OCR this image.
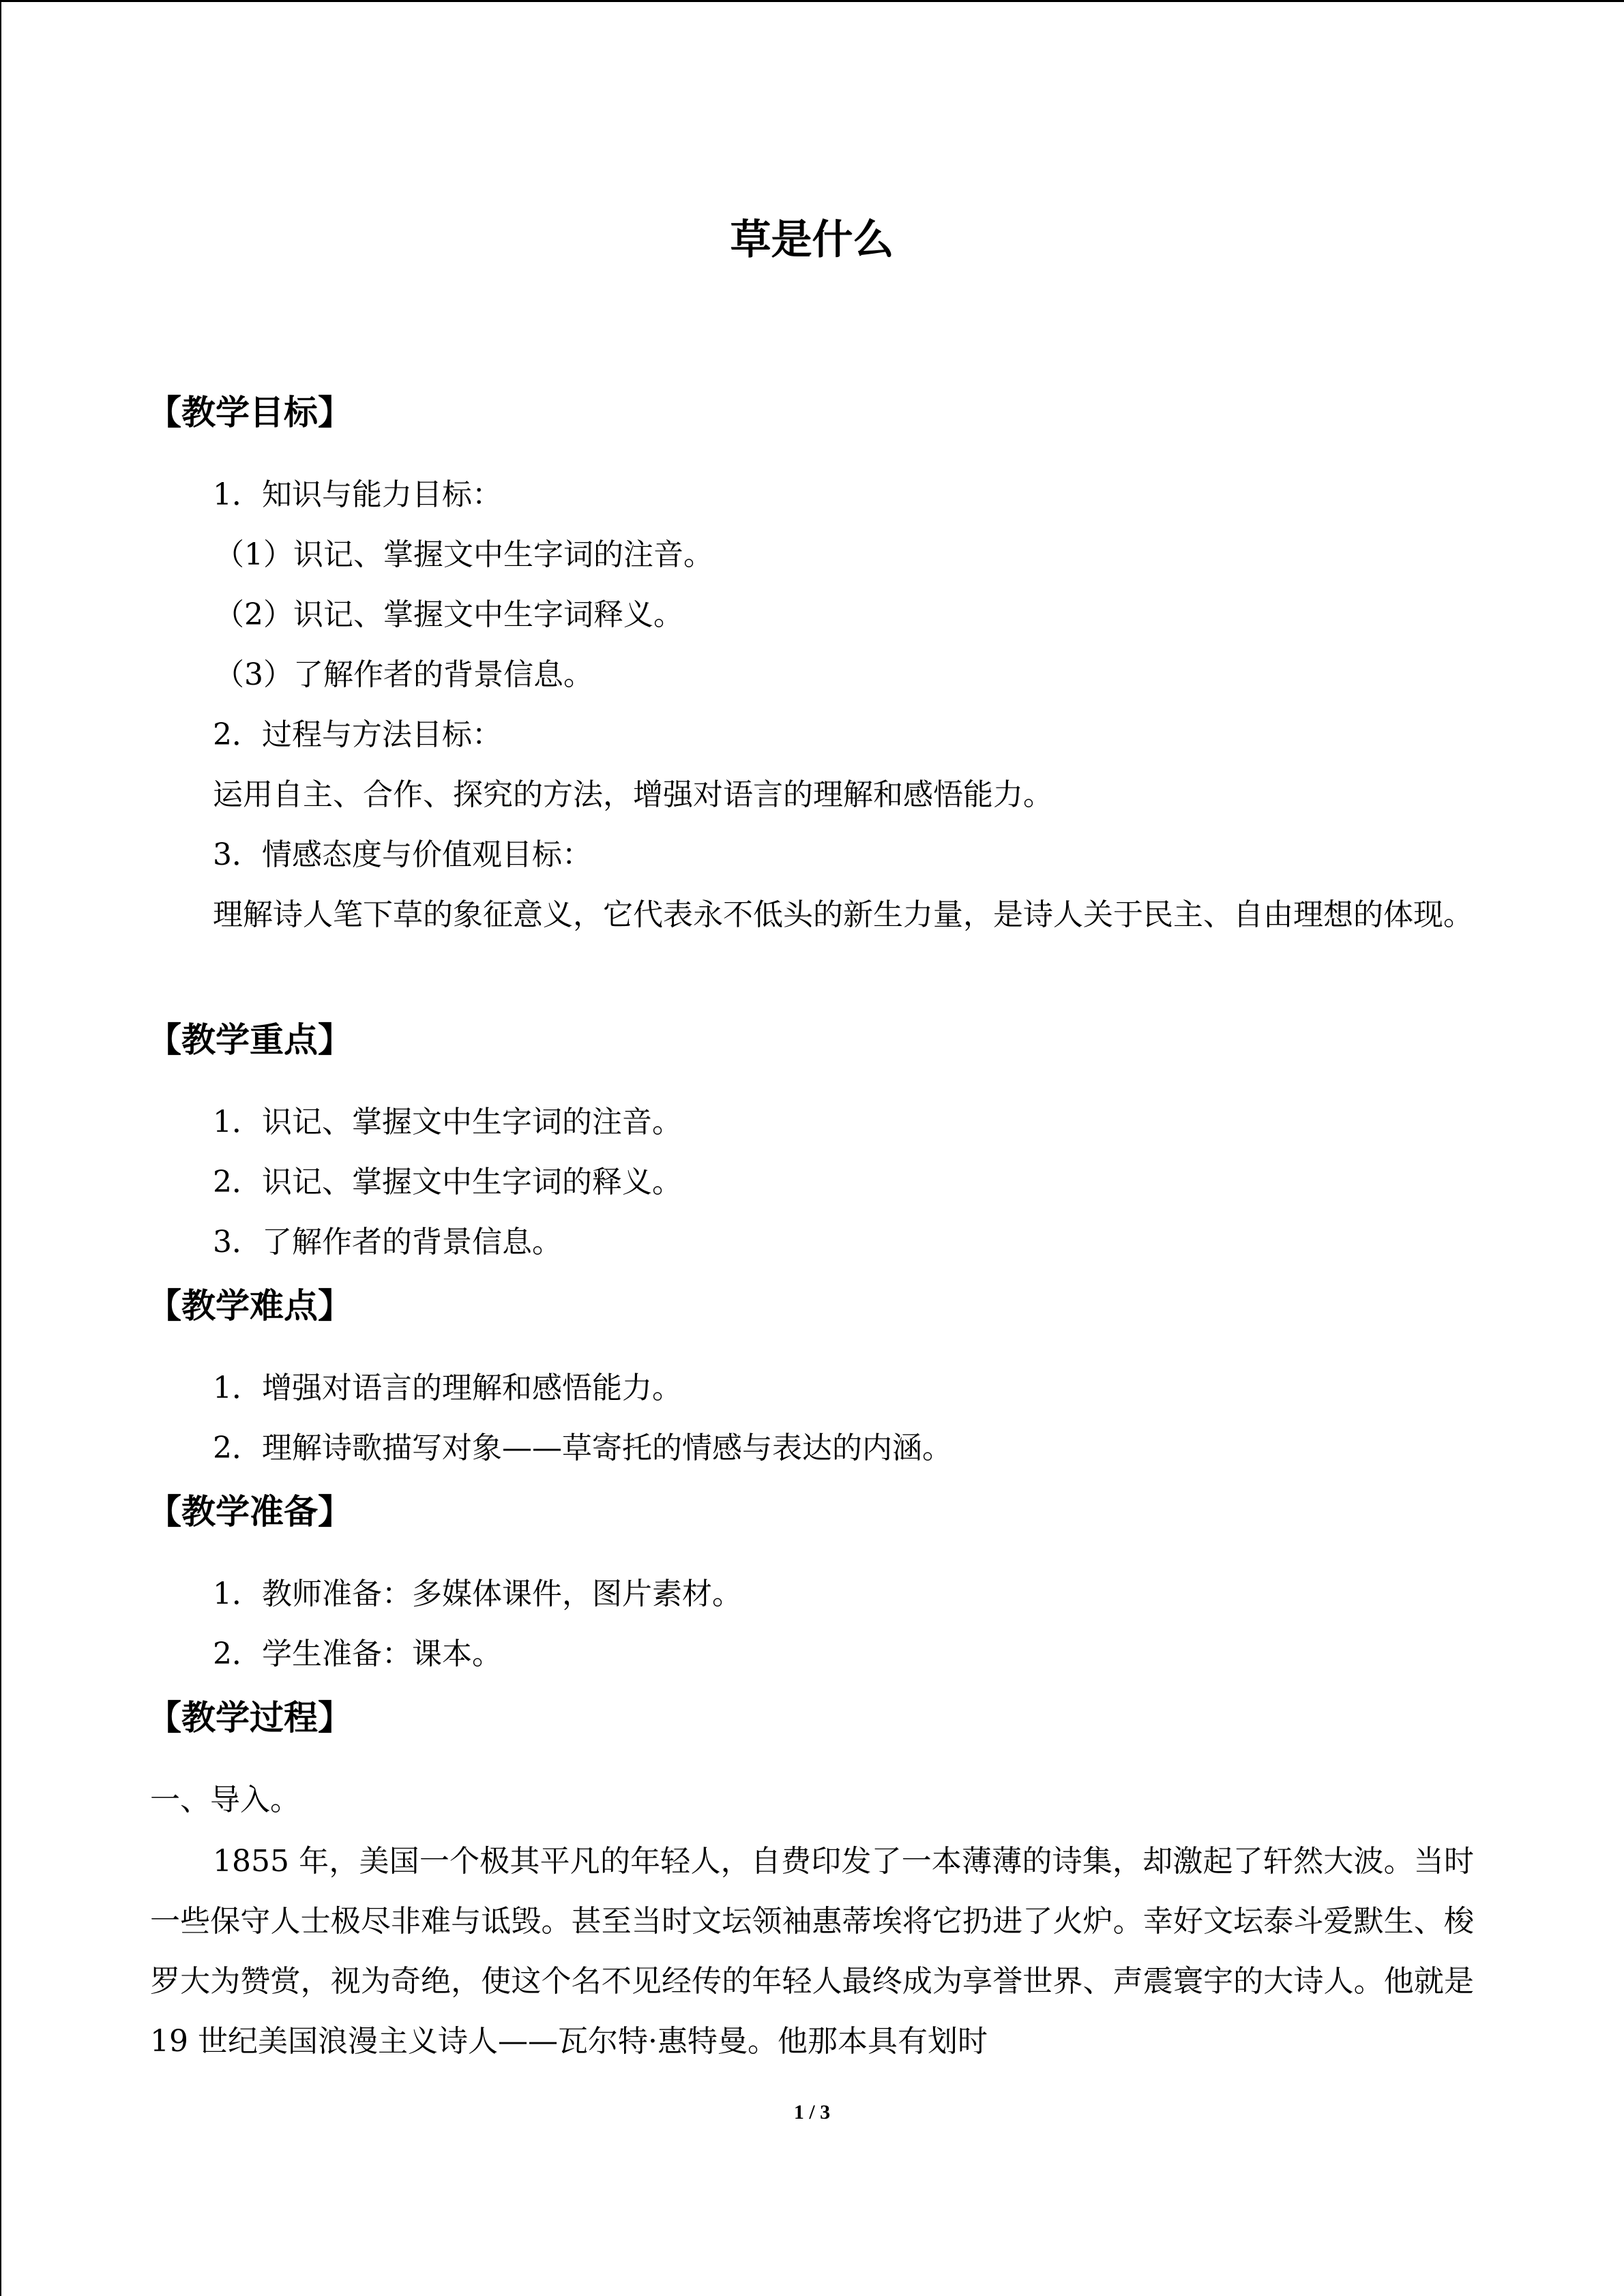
草是什么
【教学目标】
1．知识与能力目标：
（1）识记、掌握文中生字词的注音。
（2）识记、掌握文中生字词释义。
（3）了解作者的背景信息。
2．过程与方法目标：
运用自主、合作、探究的方法，增强对语言的理解和感悟能力。
3．情感态度与价值观目标：
理解诗人笔下草的象征意义，它代表永不低头的新生力量，是诗人关于民主、自由理想的体现。
【教学重点】
1．识记、掌握文中生字词的注音。
2．识记、掌握文中生字词的释义。
3．了解作者的背景信息。
【教学难点】
1．增强对语言的理解和感悟能力。
2．理解诗歌描写对象——草寄托的情感与表达的内涵。
【教学准备】
1．教师准备：多媒体课件，图片素材。
2．学生准备：课本。
【教学过程】
一、导入。
1855 年，美国一个极其平凡的年轻人，自费印发了一本薄薄的诗集，却激起了轩然大波。当时一些保守人士极尽非难与诋毁。甚至当时文坛领袖惠蒂埃将它扔进了火炉。幸好文坛泰斗爱默生、梭罗大为赞赏，视为奇绝，使这个名不见经传的年轻人最终成为享誉世界、声震寰宇的大诗人。他就是 19 世纪美国浪漫主义诗人——瓦尔特·惠特曼。他那本具有划时
1 / 3
